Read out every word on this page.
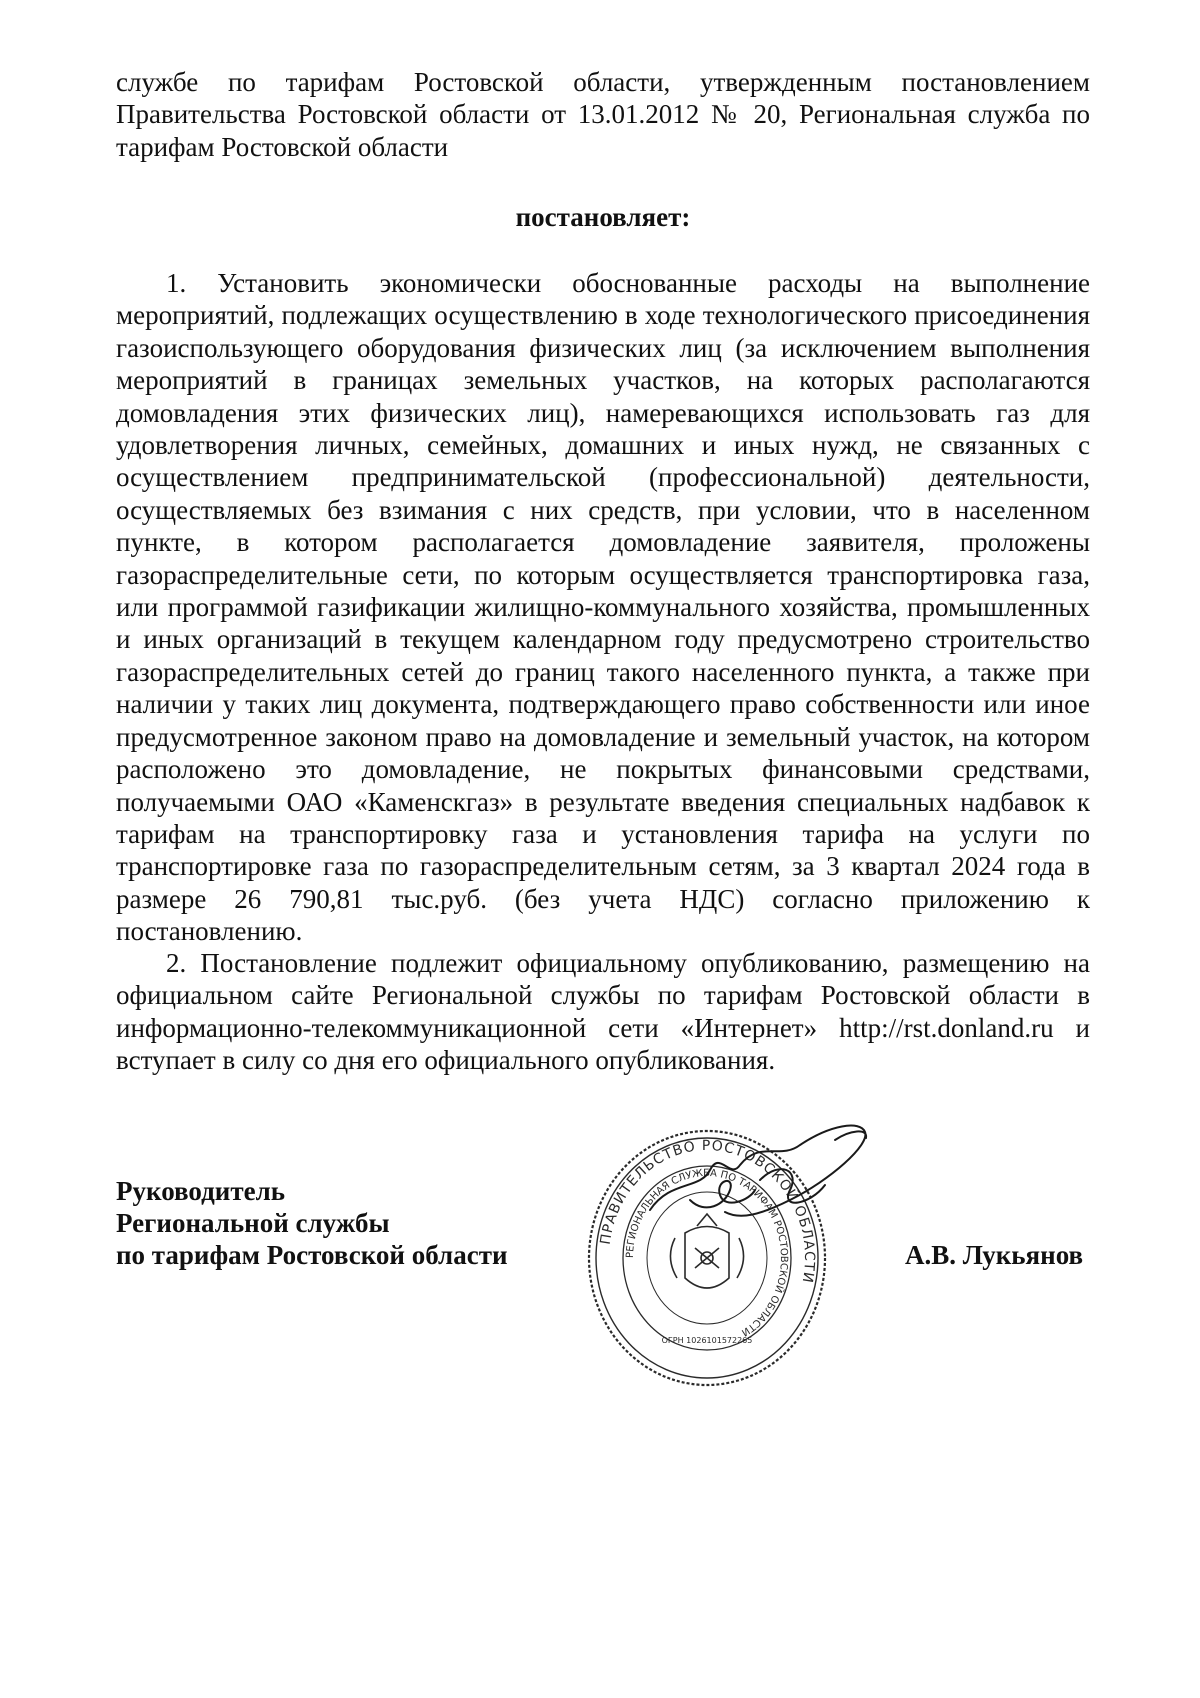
службе по тарифам Ростовской области, утвержденным постановлением Правительства Ростовской области от 13.01.2012 № 20, Региональная служба по тарифам Ростовской области

постановляет:

1. Установить экономически обоснованные расходы на выполнение мероприятий, подлежащих осуществлению в ходе технологического присоединения газоиспользующего оборудования физических лиц (за исключением выполнения мероприятий в границах земельных участков, на которых располагаются домовладения этих физических лиц), намеревающихся использовать газ для удовлетворения личных, семейных, домашних и иных нужд, не связанных с осуществлением предпринимательской (профессиональной) деятельности, осуществляемых без взимания с них средств, при условии, что в населенном пункте, в котором располагается домовладение заявителя, проложены газораспределительные сети, по которым осуществляется транспортировка газа, или программой газификации жилищно-коммунального хозяйства, промышленных и иных организаций в текущем календарном году предусмотрено строительство газораспределительных сетей до границ такого населенного пункта, а также при наличии у таких лиц документа, подтверждающего право собственности или иное предусмотренное законом право на домовладение и земельный участок, на котором расположено это домовладение, не покрытых финансовыми средствами, получаемыми ОАО «Каменскгаз» в результате введения специальных надбавок к тарифам на транспортировку газа и установления тарифа на услуги по транспортировке газа по газораспределительным сетям, за 3 квартал 2024 года в размере 26 790,81 тыс.руб. (без учета НДС) согласно приложению к постановлению.

2. Постановление подлежит официальному опубликованию, размещению на официальном сайте Региональной службы по тарифам Ростовской области в информационно-телекоммуникационной сети «Интернет» http://rst.donland.ru и вступает в силу со дня его официального опубликования.

Руководитель
Региональной службы
по тарифам Ростовской области
ПРАВИТЕЛЬСТВО РОСТОВСКОЙ ОБЛАСТИ
РЕГИОНАЛЬНАЯ СЛУЖБА ПО ТАРИФАМ РОСТОВСКОЙ ОБЛАСТИ
ОГРН 1026101572265
А.В. Лукьянов
